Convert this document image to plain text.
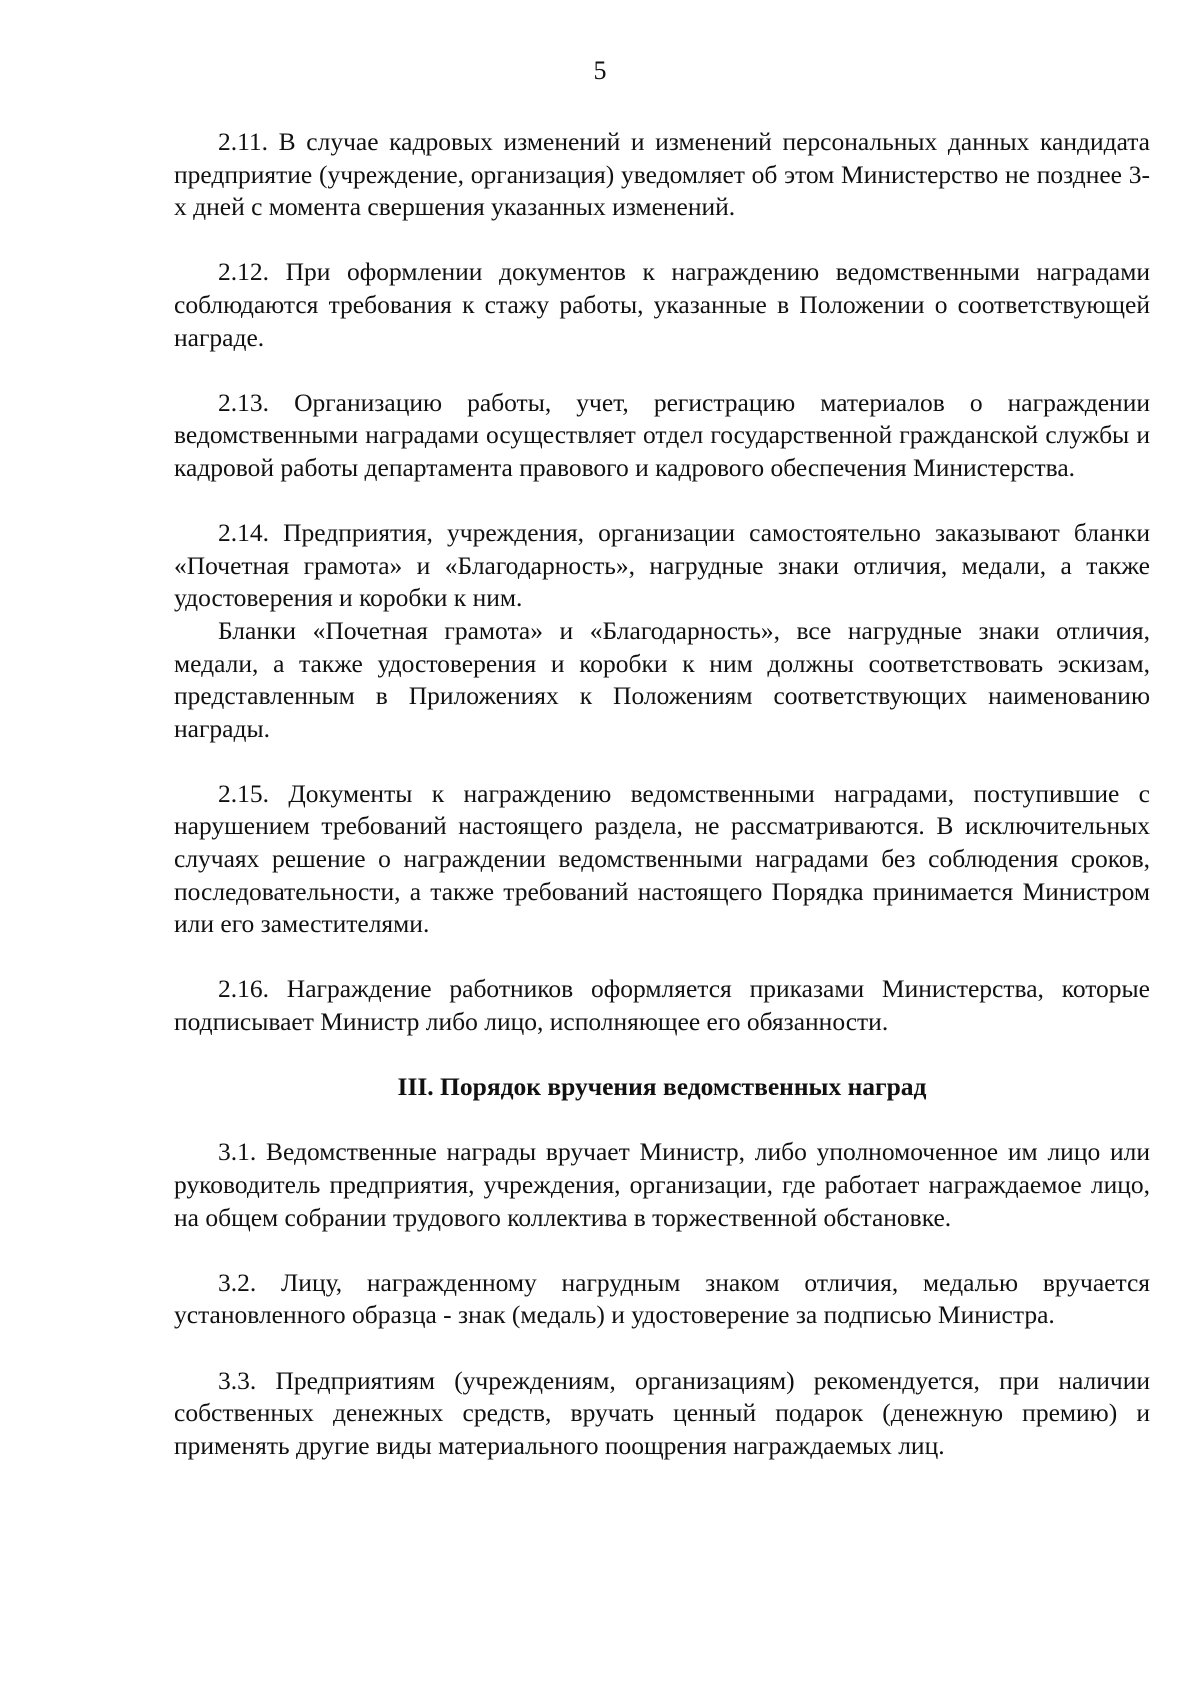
5

2.11. В случае кадровых изменений и изменений персональных данных кандидата предприятие (учреждение, организация) уведомляет об этом Министерство не позднее 3-х дней с момента свершения указанных изменений.

2.12. При оформлении документов к награждению ведомственными наградами соблюдаются требования к стажу работы, указанные в Положении о соответствующей награде.

2.13. Организацию работы, учет, регистрацию материалов о награждении ведомственными наградами осуществляет отдел государственной гражданской службы и кадровой работы департамента правового и кадрового обеспечения Министерства.

2.14. Предприятия, учреждения, организации самостоятельно заказывают бланки «Почетная грамота» и «Благодарность», нагрудные знаки отличия, медали, а также удостоверения и коробки к ним.

Бланки «Почетная грамота» и «Благодарность», все нагрудные знаки отличия, медали, а также удостоверения и коробки к ним должны соответствовать эскизам, представленным в Приложениях к Положениям соответствующих наименованию награды.

2.15. Документы к награждению ведомственными наградами, поступившие с нарушением требований настоящего раздела, не рассматриваются. В исключительных случаях решение о награждении ведомственными наградами без соблюдения сроков, последовательности, а также требований настоящего Порядка принимается Министром или его заместителями.

2.16. Награждение работников оформляется приказами Министерства, которые подписывает Министр либо лицо, исполняющее его обязанности.

III. Порядок вручения ведомственных наград

3.1. Ведомственные награды вручает Министр, либо уполномоченное им лицо или руководитель предприятия, учреждения, организации, где работает награждаемое лицо, на общем собрании трудового коллектива в торжественной обстановке.

3.2. Лицу, награжденному нагрудным знаком отличия, медалью вручается установленного образца - знак (медаль) и удостоверение за подписью Министра.

3.3. Предприятиям (учреждениям, организациям) рекомендуется, при наличии собственных денежных средств, вручать ценный подарок (денежную премию) и применять другие виды материального поощрения награждаемых лиц.
